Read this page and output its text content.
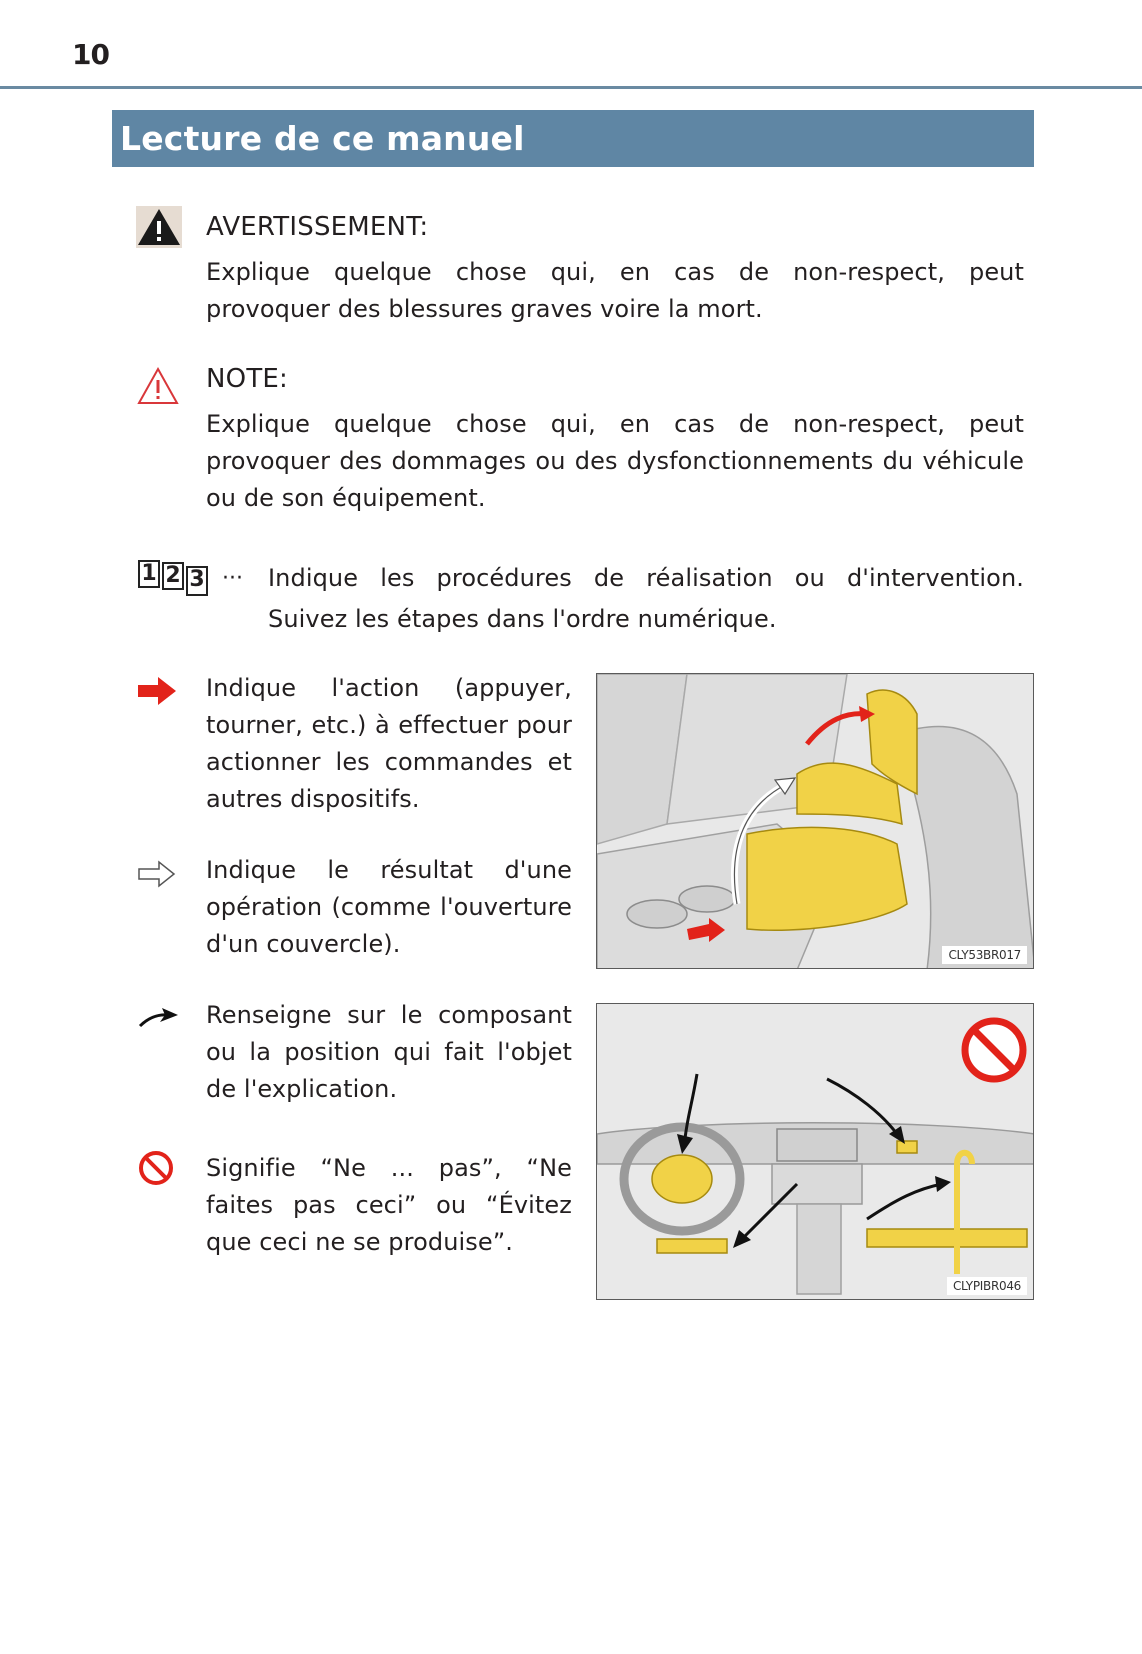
10
Lecture de ce manuel
AVERTISSEMENT:
Explique quelque chose qui, en cas de non-respect, peut provoquer des blessures graves voire la mort.
NOTE:
Explique quelque chose qui, en cas de non-respect, peut provoquer des dommages ou des dysfonctionnements du véhicule ou de son équipement.
1 2 3 ··· Indique les procédures de réalisation ou d'intervention. Suivez les étapes dans l'ordre numérique.
Indique l'action (appuyer, tourner, etc.) à effectuer pour actionner les commandes et autres dispositifs.
Indique le résultat d'une opération (comme l'ouverture d'un couvercle).
Renseigne sur le composant ou la position qui fait l'objet de l'explication.
Signifie “Ne ... pas”, “Ne faites pas ceci” ou “Évitez que ceci ne se produise”.
CLY53BR017
CLYPIBR046
